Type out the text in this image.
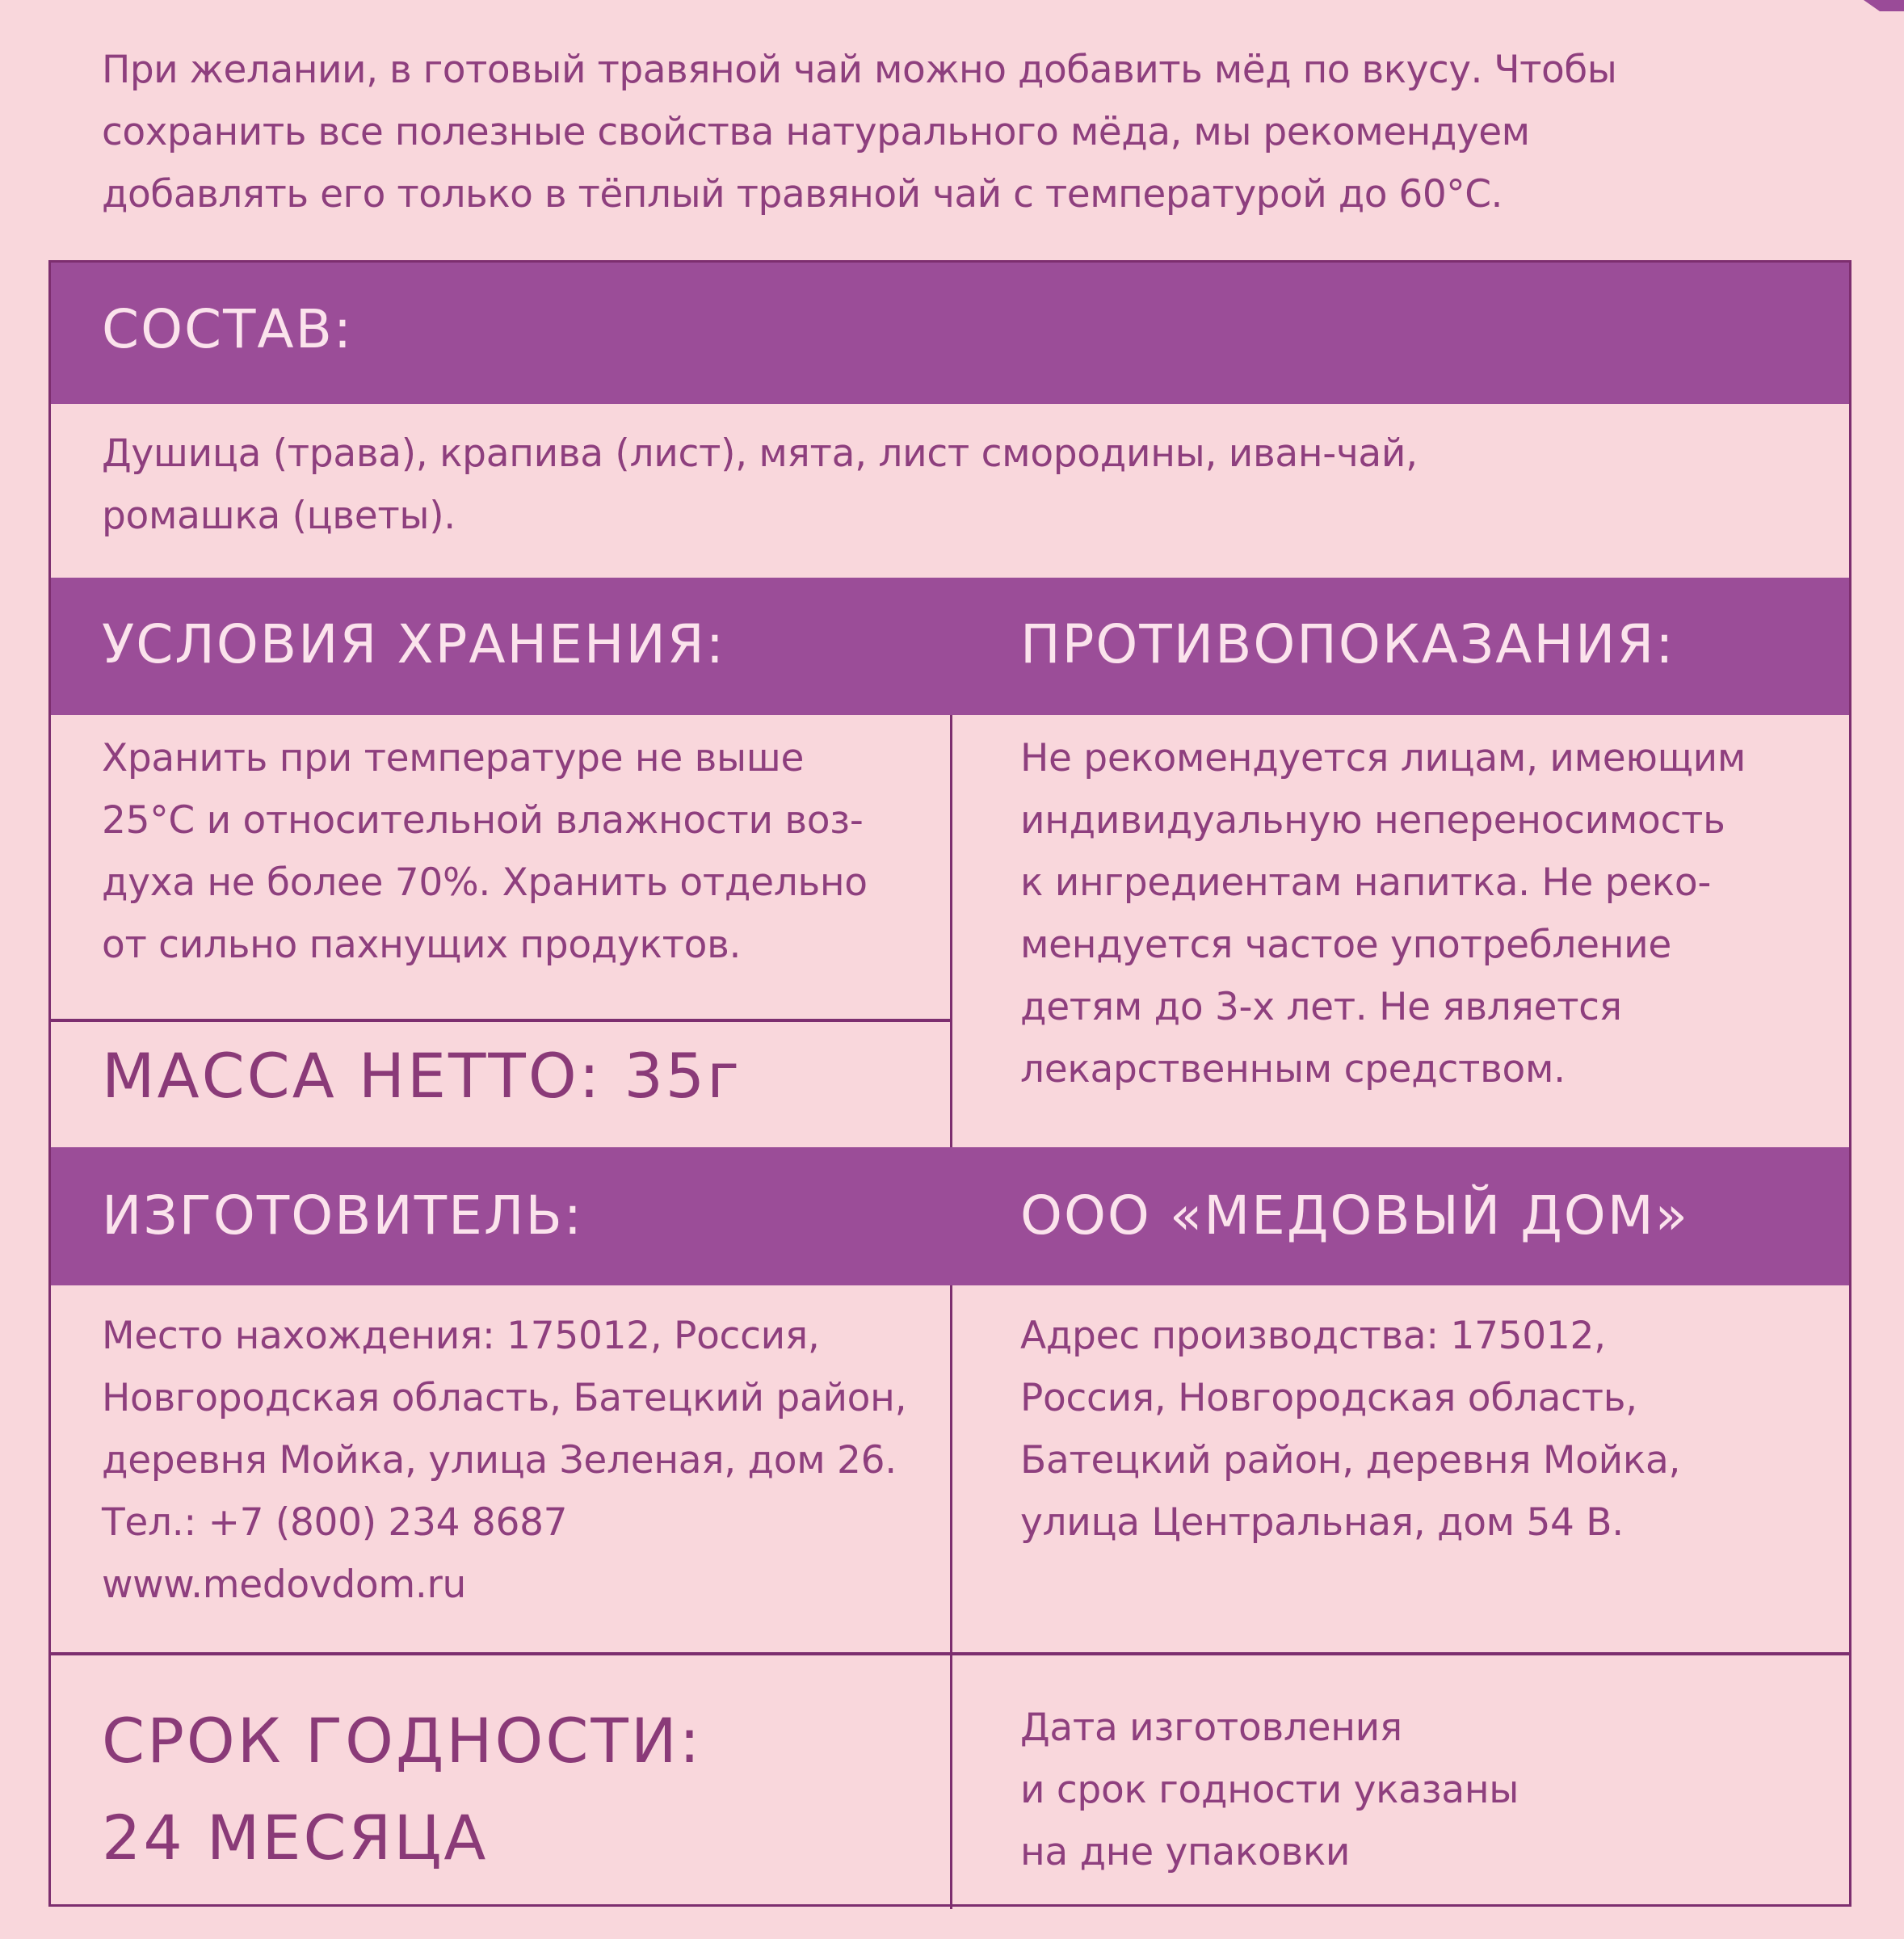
При желании, в готовый травяной чай можно добавить мёд по вкусу. Чтобы
сохранить все полезные свойства натурального мёда, мы рекомендуем
добавлять его только в тёплый травяной чай с температурой до 60°С.
СОСТАВ:
Душица (трава), крапива (лист), мята, лист смородины, иван-чай,
ромашка (цветы).
УСЛОВИЯ ХРАНЕНИЯ:	ПРОТИВОПОКАЗАНИЯ:
Хранить при температуре не выше
25°С и относительной влажности воз-
духа не более 70%. Хранить отдельно
от сильно пахнущих продуктов.
МАССА НЕТТО: 35г
Не рекомендуется лицам, имеющим
индивидуальную непереносимость
к ингредиентам напитка. Не реко-
мендуется частое употребление
детям до 3-х лет. Не является
лекарственным средством.
ИЗГОТОВИТЕЛЬ:	ООО «МЕДОВЫЙ ДОМ»
Место нахождения: 175012, Россия,
Новгородская область, Батецкий район,
деревня Мойка, улица Зеленая, дом 26.
Тел.: +7 (800) 234 8687
www.medovdom.ru
Адрес производства: 175012,
Россия, Новгородская область,
Батецкий район, деревня Мойка,
улица Центральная, дом 54 В.
СРОК ГОДНОСТИ:
24 МЕСЯЦА
Дата изготовления
и срок годности указаны
на дне упаковки
